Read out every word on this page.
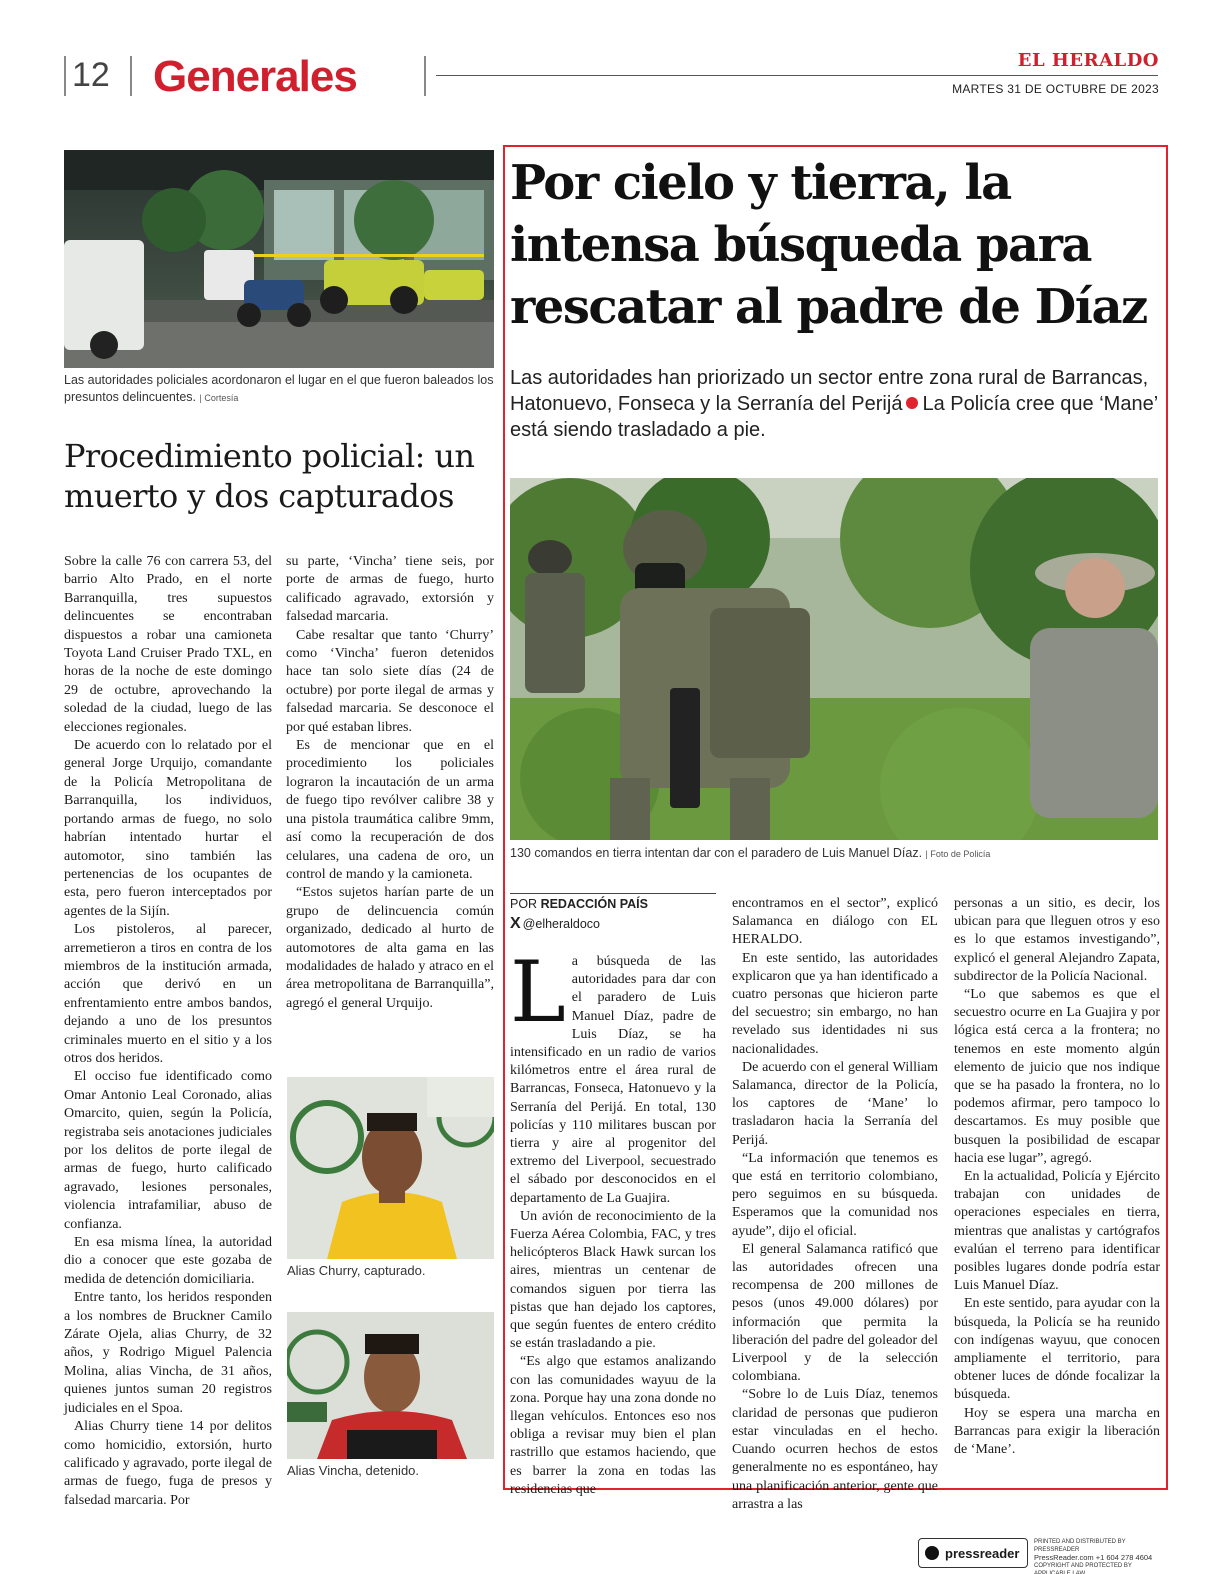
12 Generales	EL HERALDO
MARTES 31 DE OCTUBRE DE 2023
Las autoridades policiales acordonaron el lugar en el que fueron baleados los presuntos delincuentes. | Cortesía
Procedimiento policial: un muerto y dos capturados

Sobre la calle 76 con carrera 53, del barrio Alto Prado, en el norte Barranquilla, tres supuestos delincuentes se encontraban dispuestos a robar una camioneta Toyota Land Cruiser Prado TXL, en horas de la noche de este domingo 29 de octubre, aprovechando la soledad de la ciudad, luego de las elecciones regionales.

De acuerdo con lo relatado por el general Jorge Urquijo, comandante de la Policía Metropolitana de Barranquilla, los individuos, portando armas de fuego, no solo habrían intentado hurtar el automotor, sino también las pertenencias de los ocupantes de esta, pero fueron interceptados por agentes de la Sijín.

Los pistoleros, al parecer, arremetieron a tiros en contra de los miembros de la institución armada, acción que derivó en un enfrentamiento entre ambos bandos, dejando a uno de los presuntos criminales muerto en el sitio y a los otros dos heridos.

El occiso fue identificado como Omar Antonio Leal Coronado, alias Omarcito, quien, según la Policía, registraba seis anotaciones judiciales por los delitos de porte ilegal de armas de fuego, hurto calificado agravado, lesiones personales, violencia intrafamiliar, abuso de confianza.

En esa misma línea, la autoridad dio a conocer que este gozaba de medida de detención domiciliaria.

Entre tanto, los heridos responden a los nombres de Bruckner Camilo Zárate Ojela, alias Churry, de 32 años, y Rodrigo Miguel Palencia Molina, alias Vincha, de 31 años, quienes juntos suman 20 registros judiciales en el Spoa.

Alias Churry tiene 14 por delitos como homicidio, extorsión, hurto calificado y agravado, porte ilegal de armas de fuego, fuga de presos y falsedad marcaria. Por

su parte, ‘Vincha’ tiene seis, por porte de armas de fuego, hurto calificado agravado, extorsión y falsedad marcaria.

Cabe resaltar que tanto ‘Churry’ como ‘Vincha’ fueron detenidos hace tan solo siete días (24 de octubre) por porte ilegal de armas y falsedad marcaria. Se desconoce el por qué estaban libres.

Es de mencionar que en el procedimiento los policiales lograron la incautación de un arma de fuego tipo revólver calibre 38 y una pistola traumática calibre 9mm, así como la recuperación de dos celulares, una cadena de oro, un control de mando y la camioneta.

“Estos sujetos harían parte de un grupo de delincuencia común organizado, dedicado al hurto de automotores de alta gama en las modalidades de halado y atraco en el área metropolitana de Barranquilla”, agregó el general Urquijo.

Alias Churry, capturado.
Alias Vincha, detenido.
Por cielo y tierra, la intensa búsqueda para rescatar al padre de Díaz
Las autoridades han priorizado un sector entre zona rural de Barrancas, Hatonuevo, Fonseca y la Serranía del Perijá La Policía cree que ‘Mane’ está siendo trasladado a pie.
130 comandos en tierra intentan dar con el paradero de Luis Manuel Díaz. | Foto de Policía
POR REDACCIÓN PAÍS
X @elheraldoco

La búsqueda de las autoridades para dar con el paradero de Luis Manuel Díaz, padre de Luis Díaz, se ha intensificado en un radio de varios kilómetros entre el área rural de Barrancas, Fonseca, Hatonuevo y la Serranía del Perijá. En total, 130 policías y 110 militares buscan por tierra y aire al progenitor del extremo del Liverpool, secuestrado el sábado por desconocidos en el departamento de La Guajira.

Un avión de reconocimiento de la Fuerza Aérea Colombia, FAC, y tres helicópteros Black Hawk surcan los aires, mientras un centenar de comandos siguen por tierra las pistas que han dejado los captores, que según fuentes de entero crédito se están trasladando a pie.

“Es algo que estamos analizando con las comunidades wayuu de la zona. Porque hay una zona donde no llegan vehículos. Entonces eso nos obliga a revisar muy bien el plan rastrillo que estamos haciendo, que es barrer la zona en todas las residencias que

encontramos en el sector”, explicó Salamanca en diálogo con EL HERALDO.

En este sentido, las autoridades explicaron que ya han identificado a cuatro personas que hicieron parte del secuestro; sin embargo, no han revelado sus identidades ni sus nacionalidades.

De acuerdo con el general William Salamanca, director de la Policía, los captores de ‘Mane’ lo trasladaron hacia la Serranía del Perijá.

“La información que tenemos es que está en territorio colombiano, pero seguimos en su búsqueda. Esperamos que la comunidad nos ayude”, dijo el oficial.

El general Salamanca ratificó que las autoridades ofrecen una recompensa de 200 millones de pesos (unos 49.000 dólares) por información que permita la liberación del padre del goleador del Liverpool y de la selección colombiana.

“Sobre lo de Luis Díaz, tenemos claridad de personas que pudieron estar vinculadas en el hecho. Cuando ocurren hechos de estos generalmente no es espontáneo, hay una planificación anterior, gente que arrastra a las

personas a un sitio, es decir, los ubican para que lleguen otros y eso es lo que estamos investigando”, explicó el general Alejandro Zapata, subdirector de la Policía Nacional.

“Lo que sabemos es que el secuestro ocurre en La Guajira y por lógica está cerca a la frontera; no tenemos en este momento algún elemento de juicio que nos indique que se ha pasado la frontera, no lo podemos afirmar, pero tampoco lo descartamos. Es muy posible que busquen la posibilidad de escapar hacia ese lugar”, agregó.

En la actualidad, Policía y Ejército trabajan con unidades de operaciones especiales en tierra, mientras que analistas y cartógrafos evalúan el terreno para identificar posibles lugares donde podría estar Luis Manuel Díaz.

En este sentido, para ayudar con la búsqueda, la Policía se ha reunido con indígenas wayuu, que conocen ampliamente el territorio, para obtener luces de dónde focalizar la búsqueda.

Hoy se espera una marcha en Barrancas para exigir la liberación de ‘Mane’.

pressreader
PRINTED AND DISTRIBUTED BY PRESSREADER
PressReader.com +1 604 278 4604
COPYRIGHT AND PROTECTED BY APPLICABLE LAW
